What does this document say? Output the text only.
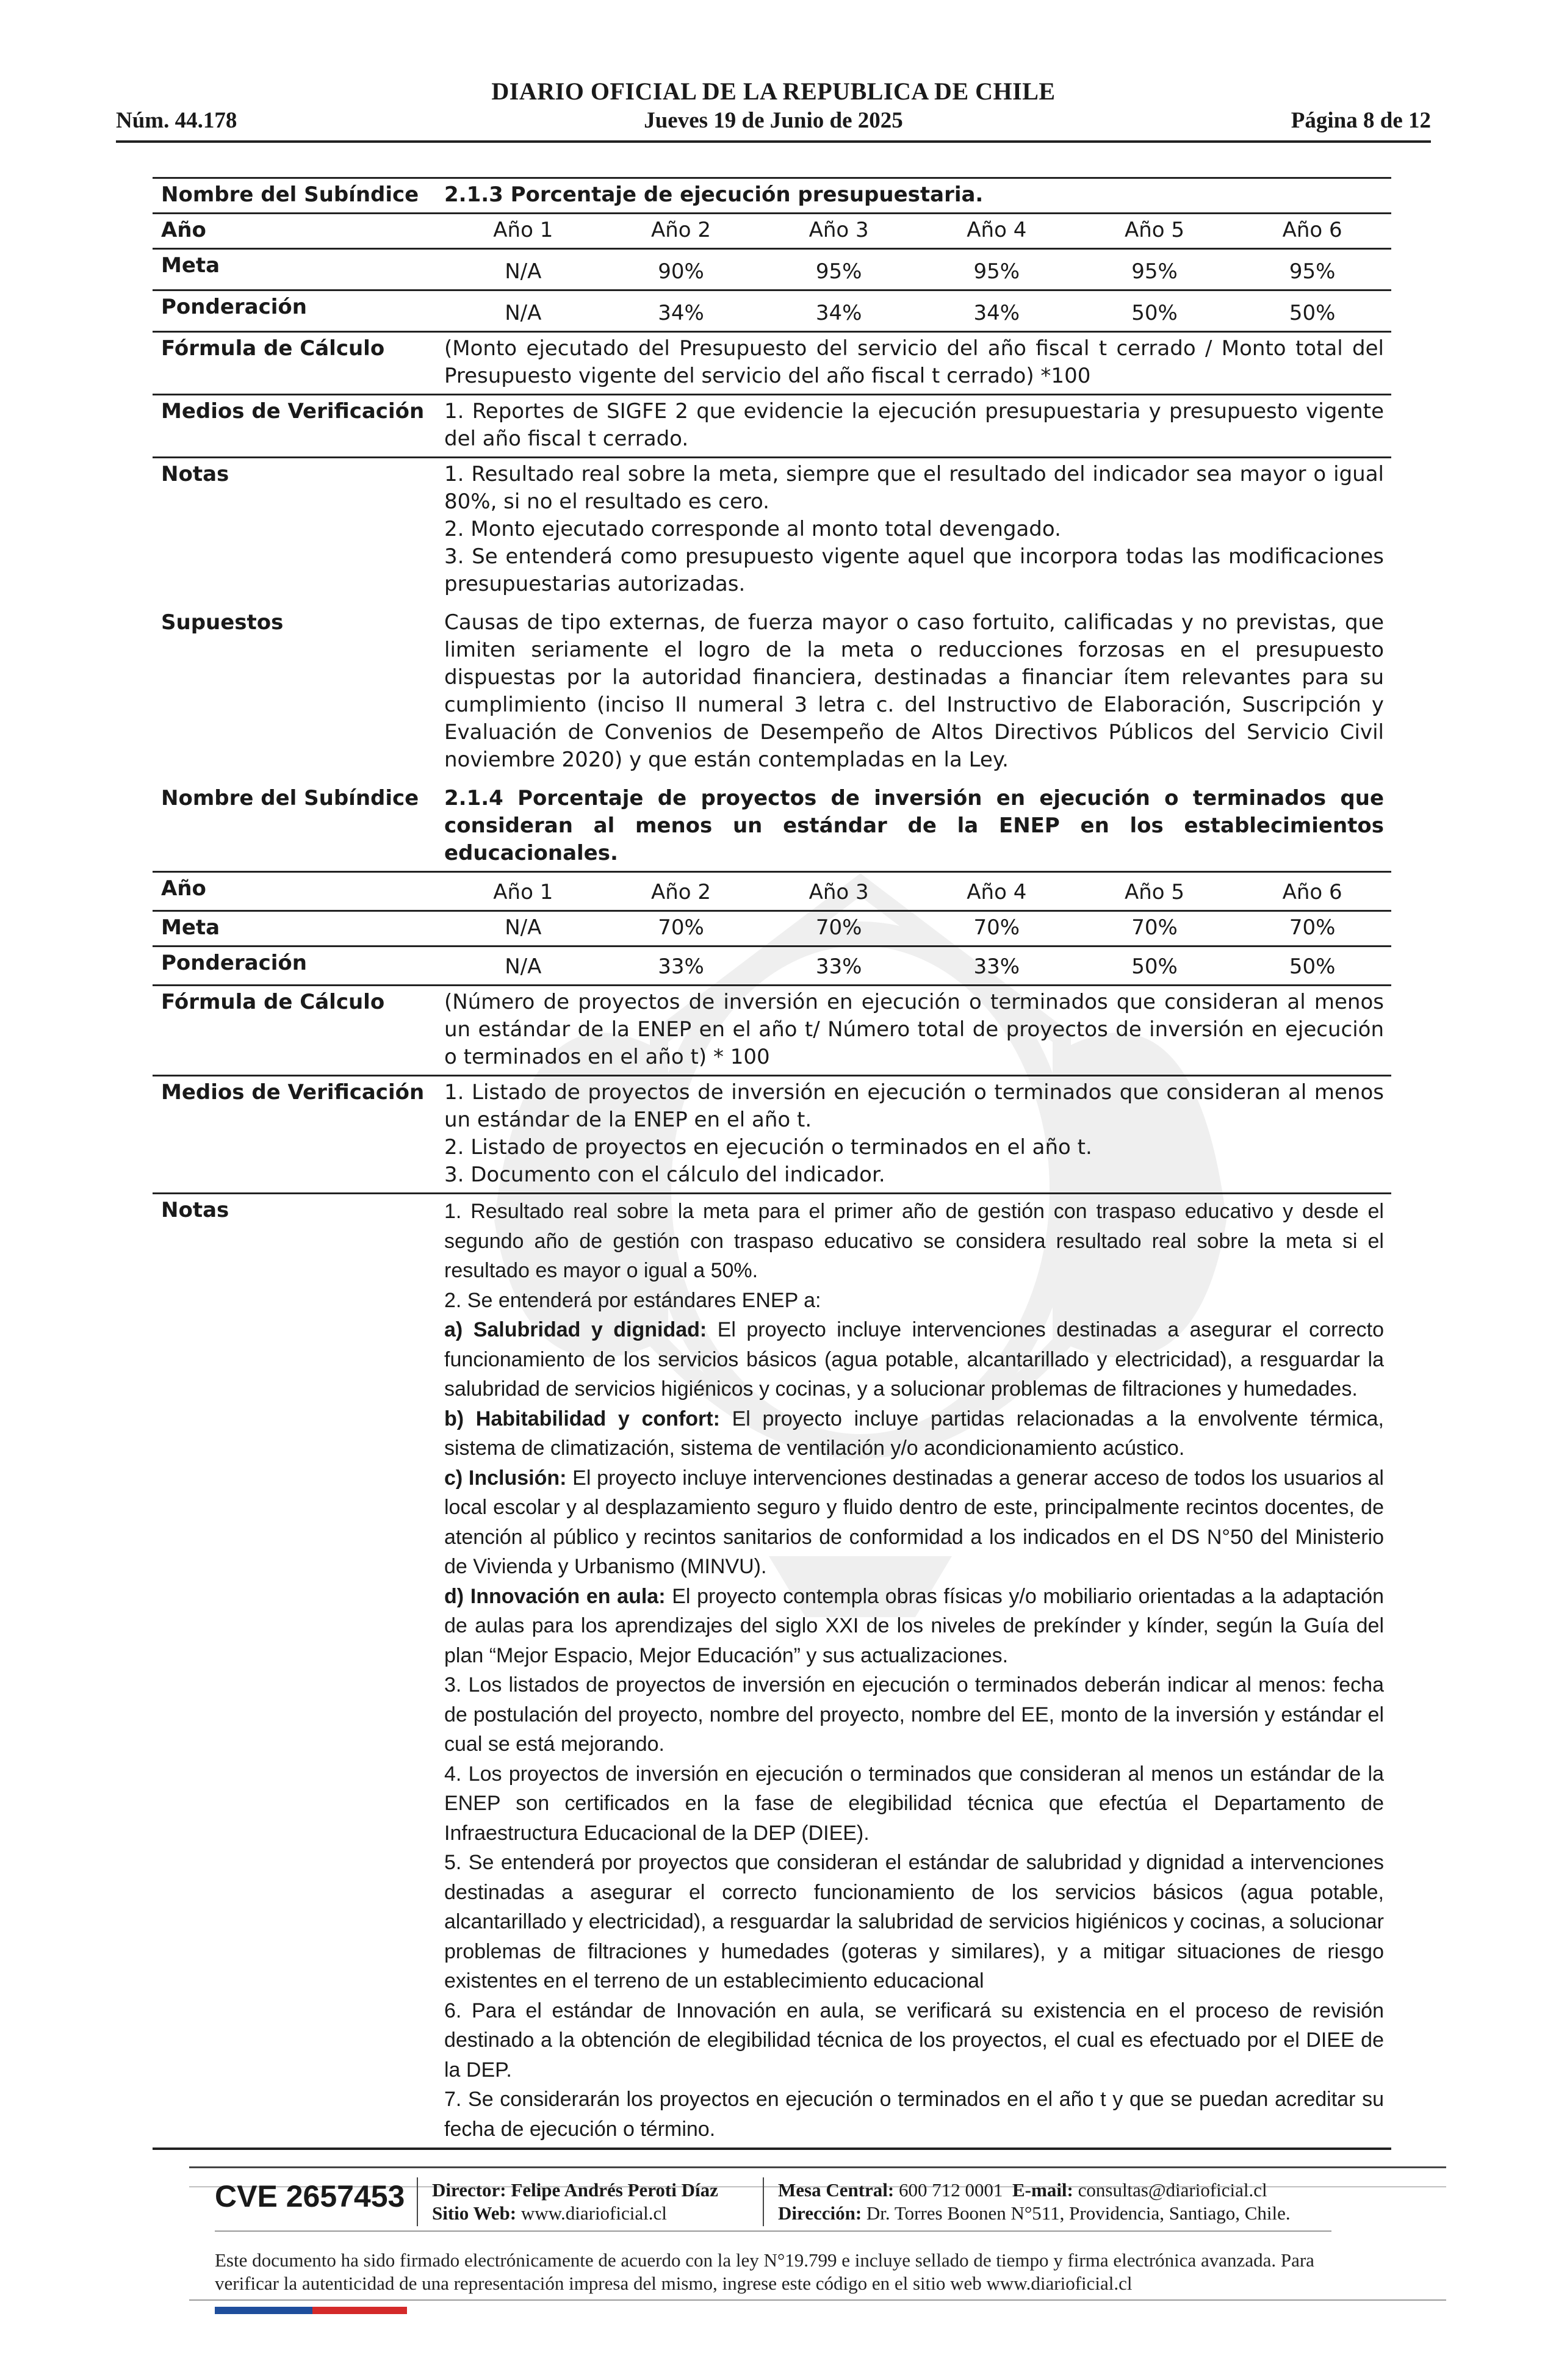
DIARIO OFICIAL DE LA REPUBLICA DE CHILE
Núm. 44.178	Jueves 19 de Junio de 2025	Página 8 de 12
Nombre del Subíndice	2.1.3 Porcentaje de ejecución presupuestaria.
Año	Año 1	Año 2	Año 3	Año 4	Año 5	Año 6
Meta	N/A	90%	95%	95%	95%	95%
Ponderación	N/A	34%	34%	34%	50%	50%
Fórmula de Cálculo	(Monto ejecutado del Presupuesto del servicio del año fiscal t cerrado / Monto total del Presupuesto vigente del servicio del año fiscal t cerrado) *100
Medios de Verificación 1. Reportes de SIGFE 2 que evidencie la ejecución presupuestaria y presupuesto vigente del año fiscal t cerrado.
Notas	1. Resultado real sobre la meta, siempre que el resultado del indicador sea mayor o igual 80%, si no el resultado es cero.

2. Monto ejecutado corresponde al monto total devengado.

3. Se entenderá como presupuesto vigente aquel que incorpora todas las modificaciones presupuestarias autorizadas.

Supuestos	Causas de tipo externas, de fuerza mayor o caso fortuito, calificadas y no previstas, que limiten seriamente el logro de la meta o reducciones forzosas en el presupuesto dispuestas por la autoridad financiera, destinadas a financiar ítem relevantes para su cumplimiento (inciso II numeral 3 letra c. del Instructivo de Elaboración, Suscripción y Evaluación de Convenios de Desempeño de Altos Directivos Públicos del Servicio Civil noviembre 2020) y que están contempladas en la Ley.
Nombre del Subíndice	2.1.4 Porcentaje de proyectos de inversión en ejecución o terminados que consideran al menos un estándar de la ENEP en los establecimientos educacionales.
Año	Año 1	Año 2	Año 3	Año 4	Año 5	Año 6
Meta	N/A	70%	70%	70%	70%	70%
Ponderación	N/A	33%	33%	33%	50%	50%
Fórmula de Cálculo	(Número de proyectos de inversión en ejecución o terminados que consideran al menos un estándar de la ENEP en el año t/ Número total de proyectos de inversión en ejecución o terminados en el año t) * 100
Medios de Verificación 1. Listado de proyectos de inversión en ejecución o terminados que consideran al menos un estándar de la ENEP en el año t.

2. Listado de proyectos en ejecución o terminados en el año t.

3. Documento con el cálculo del indicador.

Notas	1. Resultado real sobre la meta para el primer año de gestión con traspaso educativo y desde el segundo año de gestión con traspaso educativo se considera resultado real sobre la meta si el resultado es mayor o igual a 50%.

2. Se entenderá por estándares ENEP a:

a) Salubridad y dignidad: El proyecto incluye intervenciones destinadas a asegurar el correcto funcionamiento de los servicios básicos (agua potable, alcantarillado y electricidad), a resguardar la salubridad de servicios higiénicos y cocinas, y a solucionar problemas de filtraciones y humedades.

b) Habitabilidad y confort: El proyecto incluye partidas relacionadas a la envolvente térmica, sistema de climatización, sistema de ventilación y/o acondicionamiento acústico.

c) Inclusión: El proyecto incluye intervenciones destinadas a generar acceso de todos los usuarios al local escolar y al desplazamiento seguro y fluido dentro de este, principalmente recintos docentes, de atención al público y recintos sanitarios de conformidad a los indicados en el DS N°50 del Ministerio de Vivienda y Urbanismo (MINVU).

d) Innovación en aula: El proyecto contempla obras físicas y/o mobiliario orientadas a la adaptación de aulas para los aprendizajes del siglo XXI de los niveles de prekínder y kínder, según la Guía del plan “Mejor Espacio, Mejor Educación” y sus actualizaciones.

3. Los listados de proyectos de inversión en ejecución o terminados deberán indicar al menos: fecha de postulación del proyecto, nombre del proyecto, nombre del EE, monto de la inversión y estándar el cual se está mejorando.

4. Los proyectos de inversión en ejecución o terminados que consideran al menos un estándar de la ENEP son certificados en la fase de elegibilidad técnica que efectúa el Departamento de Infraestructura Educacional de la DEP (DIEE).

5. Se entenderá por proyectos que consideran el estándar de salubridad y dignidad a intervenciones destinadas a asegurar el correcto funcionamiento de los servicios básicos (agua potable, alcantarillado y electricidad), a resguardar la salubridad de servicios higiénicos y cocinas, a solucionar problemas de filtraciones y humedades (goteras y similares), y a mitigar situaciones de riesgo existentes en el terreno de un establecimiento educacional

6. Para el estándar de Innovación en aula, se verificará su existencia en el proceso de revisión destinado a la obtención de elegibilidad técnica de los proyectos, el cual es efectuado por el DIEE de la DEP.

7. Se considerarán los proyectos en ejecución o terminados en el año t y que se puedan acreditar su fecha de ejecución o término.

CVE 2657453 Director: Felipe Andrés Peroti Díaz
Sitio Web: www.diarioficial.cl
Mesa Central: 600 712 0001 E-mail: consultas@diarioficial.cl
Dirección: Dr. Torres Boonen N°511, Providencia, Santiago, Chile.
Este documento ha sido firmado electrónicamente de acuerdo con la ley N°19.799 e incluye sellado de tiempo y firma electrónica avanzada. Para verificar la autenticidad de una representación impresa del mismo, ingrese este código en el sitio web www.diarioficial.cl
